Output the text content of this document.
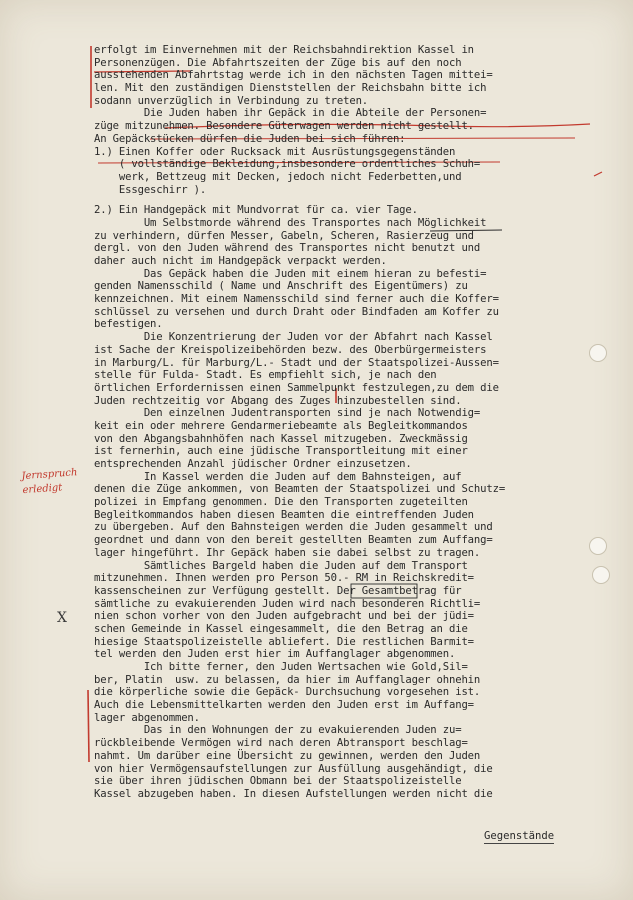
Jernspruch erledigt
X
erfolgt im Einvernehmen mit der Reichsbahndirektion Kassel in
Personenzügen. Die Abfahrtszeiten der Züge bis auf den noch
ausstehenden Abfahrtstag werde ich in den nächsten Tagen mittei=
len. Mit den zuständigen Dienststellen der Reichsbahn bitte ich
sodann unverzüglich in Verbindung zu treten.
Die Juden haben ihr Gepäck in die Abteile der Personen=
züge mitzunehmen. Besondere Güterwagen werden nicht gestellt.
An Gepäckstücken dürfen die Juden bei sich führen:
1.) Einen Koffer oder Rucksack mit Ausrüstungsgegenständen
( vollständige Bekleidung,insbesondere ordentliches Schuh=
werk, Bettzeug mit Decken, jedoch nicht Federbetten,und
Essgeschirr ).
2.) Ein Handgepäck mit Mundvorrat für ca. vier Tage.
Um Selbstmorde während des Transportes nach Möglichkeit
zu verhindern, dürfen Messer, Gabeln, Scheren, Rasierzeug und
dergl. von den Juden während des Transportes nicht benutzt und
daher auch nicht im Handgepäck verpackt werden.
Das Gepäck haben die Juden mit einem hieran zu befesti=
genden Namensschild ( Name und Anschrift des Eigentümers) zu
kennzeichnen. Mit einem Namensschild sind ferner auch die Koffer=
schlüssel zu versehen und durch Draht oder Bindfaden am Koffer zu
befestigen.
Die Konzentrierung der Juden vor der Abfahrt nach Kassel
ist Sache der Kreispolizeibehörden bezw. des Oberbürgermeisters
in Marburg/L. für Marburg/L.- Stadt und der Staatspolizei-Aussen=
stelle für Fulda- Stadt. Es empfiehlt sich, je nach den
örtlichen Erfordernissen einen Sammelpunkt festzulegen,zu dem die
Juden rechtzeitig vor Abgang des Zuges hinzubestellen sind.
Den einzelnen Judentransporten sind je nach Notwendig=
keit ein oder mehrere Gendarmeriebeamte als Begleitkommandos
von den Abgangsbahnhöfen nach Kassel mitzugeben. Zweckmässig
ist fernerhin, auch eine jüdische Transportleitung mit einer
entsprechenden Anzahl jüdischer Ordner einzusetzen.
In Kassel werden die Juden auf dem Bahnsteigen, auf
denen die Züge ankommen, von Beamten der Staatspolizei und Schutz=
polizei in Empfang genommen. Die den Transporten zugeteilten
Begleitkommandos haben diesen Beamten die eintreffenden Juden
zu übergeben. Auf den Bahnsteigen werden die Juden gesammelt und
geordnet und dann von den bereit gestellten Beamten zum Auffang=
lager hingeführt. Ihr Gepäck haben sie dabei selbst zu tragen.
Sämtliches Bargeld haben die Juden auf dem Transport
mitzunehmen. Ihnen werden pro Person 50.- RM in Reichskredit=
kassenscheinen zur Verfügung gestellt. Der Gesamtbetrag für
sämtliche zu evakuierenden Juden wird nach besonderen Richtli=
nien schon vorher von den Juden aufgebracht und bei der jüdi=
schen Gemeinde in Kassel eingesammelt, die den Betrag an die
hiesige Staatspolizeistelle abliefert. Die restlichen Barmit=
tel werden den Juden erst hier im Auffanglager abgenommen.
Ich bitte ferner, den Juden Wertsachen wie Gold,Sil=
ber, Platin  usw. zu belassen, da hier im Auffanglager ohnehin
die körperliche sowie die Gepäck- Durchsuchung vorgesehen ist.
Auch die Lebensmittelkarten werden den Juden erst im Auffang=
lager abgenommen.
Das in den Wohnungen der zu evakuierenden Juden zu=
rückbleibende Vermögen wird nach deren Abtransport beschlag=
nahmt. Um darüber eine Übersicht zu gewinnen, werden den Juden
von hier Vermögensaufstellungen zur Ausfüllung ausgehändigt, die
sie über ihren jüdischen Obmann bei der Staatspolizeistelle
Kassel abzugeben haben. In diesen Aufstellungen werden nicht die
Gegenstände
